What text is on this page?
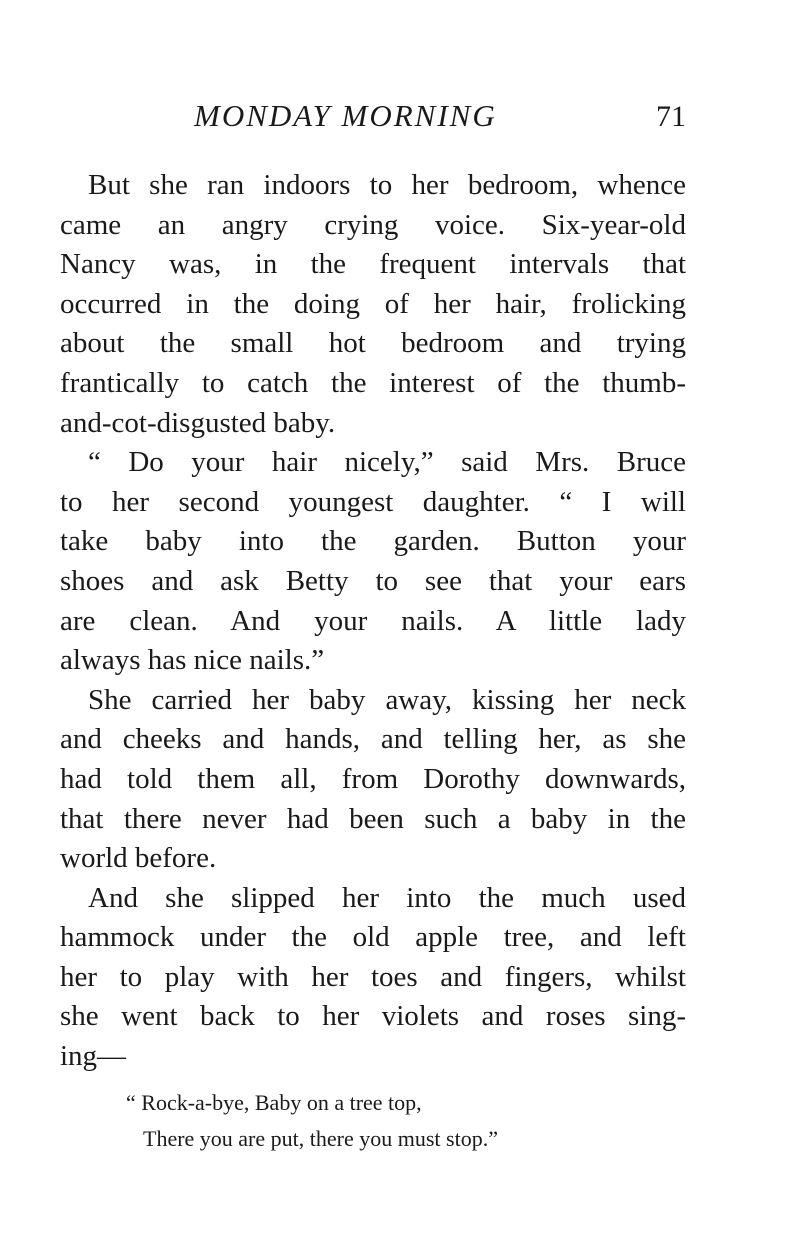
MONDAY MORNING	71
But she ran indoors to her bedroom, whence
came an angry crying voice. Six-year-old
Nancy was, in the frequent intervals that
occurred in the doing of her hair, frolicking
about the small hot bedroom and trying
frantically to catch the interest of the thumb-
and-cot-disgusted baby.
“ Do your hair nicely,” said Mrs. Bruce
to her second youngest daughter. “ I will
take baby into the garden. Button your
shoes and ask Betty to see that your ears
are clean. And your nails. A little lady
always has nice nails.”
She carried her baby away, kissing her neck
and cheeks and hands, and telling her, as she
had told them all, from Dorothy downwards,
that there never had been such a baby in the
world before.
And she slipped her into the much used
hammock under the old apple tree, and left
her to play with her toes and fingers, whilst
she went back to her violets and roses sing-
ing—
“ Rock-a-bye, Baby on a tree top,
There you are put, there you must stop.”
